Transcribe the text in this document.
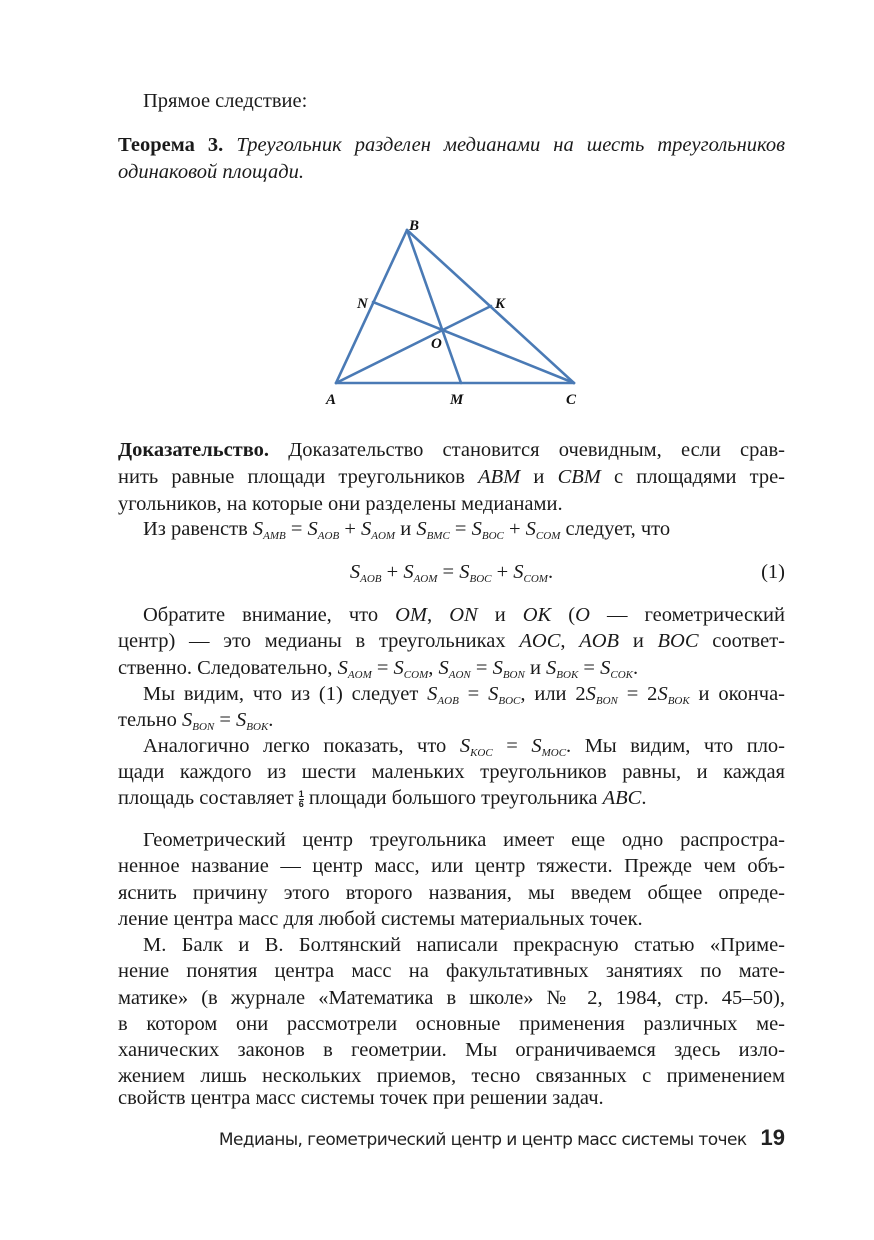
Прямое следствие:
Теорема 3. Треугольник разделен медианами на шесть треугольников
одинаковой площади.
Доказательство. Доказательство становится очевидным, если срав-
нить равные площади треугольников ABM и CBM с площадями тре-
угольников, на которые они разделены медианами.
Из равенств $S_{AMB} = S_{AOB} + S_{AOM}$ и $S_{BMC} = S_{BOC} + S_{COM}$ следует, что
$S_{AOB} + S_{AOM} = S_{BOC} + S_{COM}$.	(1)
Обратите внимание, что OM, ON и OK (O — геометрический
центр) — это медианы в треугольниках AOC, AOB и BOC соответ-
ственно. Следовательно, $S_{AOM} = S_{COM}$, $S_{AON} = S_{BON}$ и $S_{BOK} = S_{COK}$.
Мы видим, что из (1) следует $S_{AOB} = S_{BOC}$, или $2S_{BON} = 2S_{BOK}$ и оконча-
тельно $S_{BON} = S_{BOK}$.
Аналогично легко показать, что $S_{KOC} = S_{MOC}$. Мы видим, что пло-
щади каждого из шести маленьких треугольников равны, и каждая
площадь составляет $\frac{1}{6}$ площади большого треугольника ABC.
Геометрический центр треугольника имеет еще одно распростра-
ненное название — центр масс, или центр тяжести. Прежде чем объ-
яснить причину этого второго названия, мы введем общее опреде-
ление центра масс для любой системы материальных точек.
М. Балк и В. Болтянский написали прекрасную статью «Приме-
нение понятия центра масс на факультативных занятиях по мате-
матике» (в журнале «Математика в школе» № 2, 1984, стр. 45–50),
в котором они рассмотрели основные применения различных ме-
ханических законов в геометрии. Мы ограничиваемся здесь изло-
жением лишь нескольких приемов, тесно связанных с применением
свойств центра масс системы точек при решении задач.
B
N	K
O
A	M	C
Медианы, геометрический центр и центр масс системы точек 19
